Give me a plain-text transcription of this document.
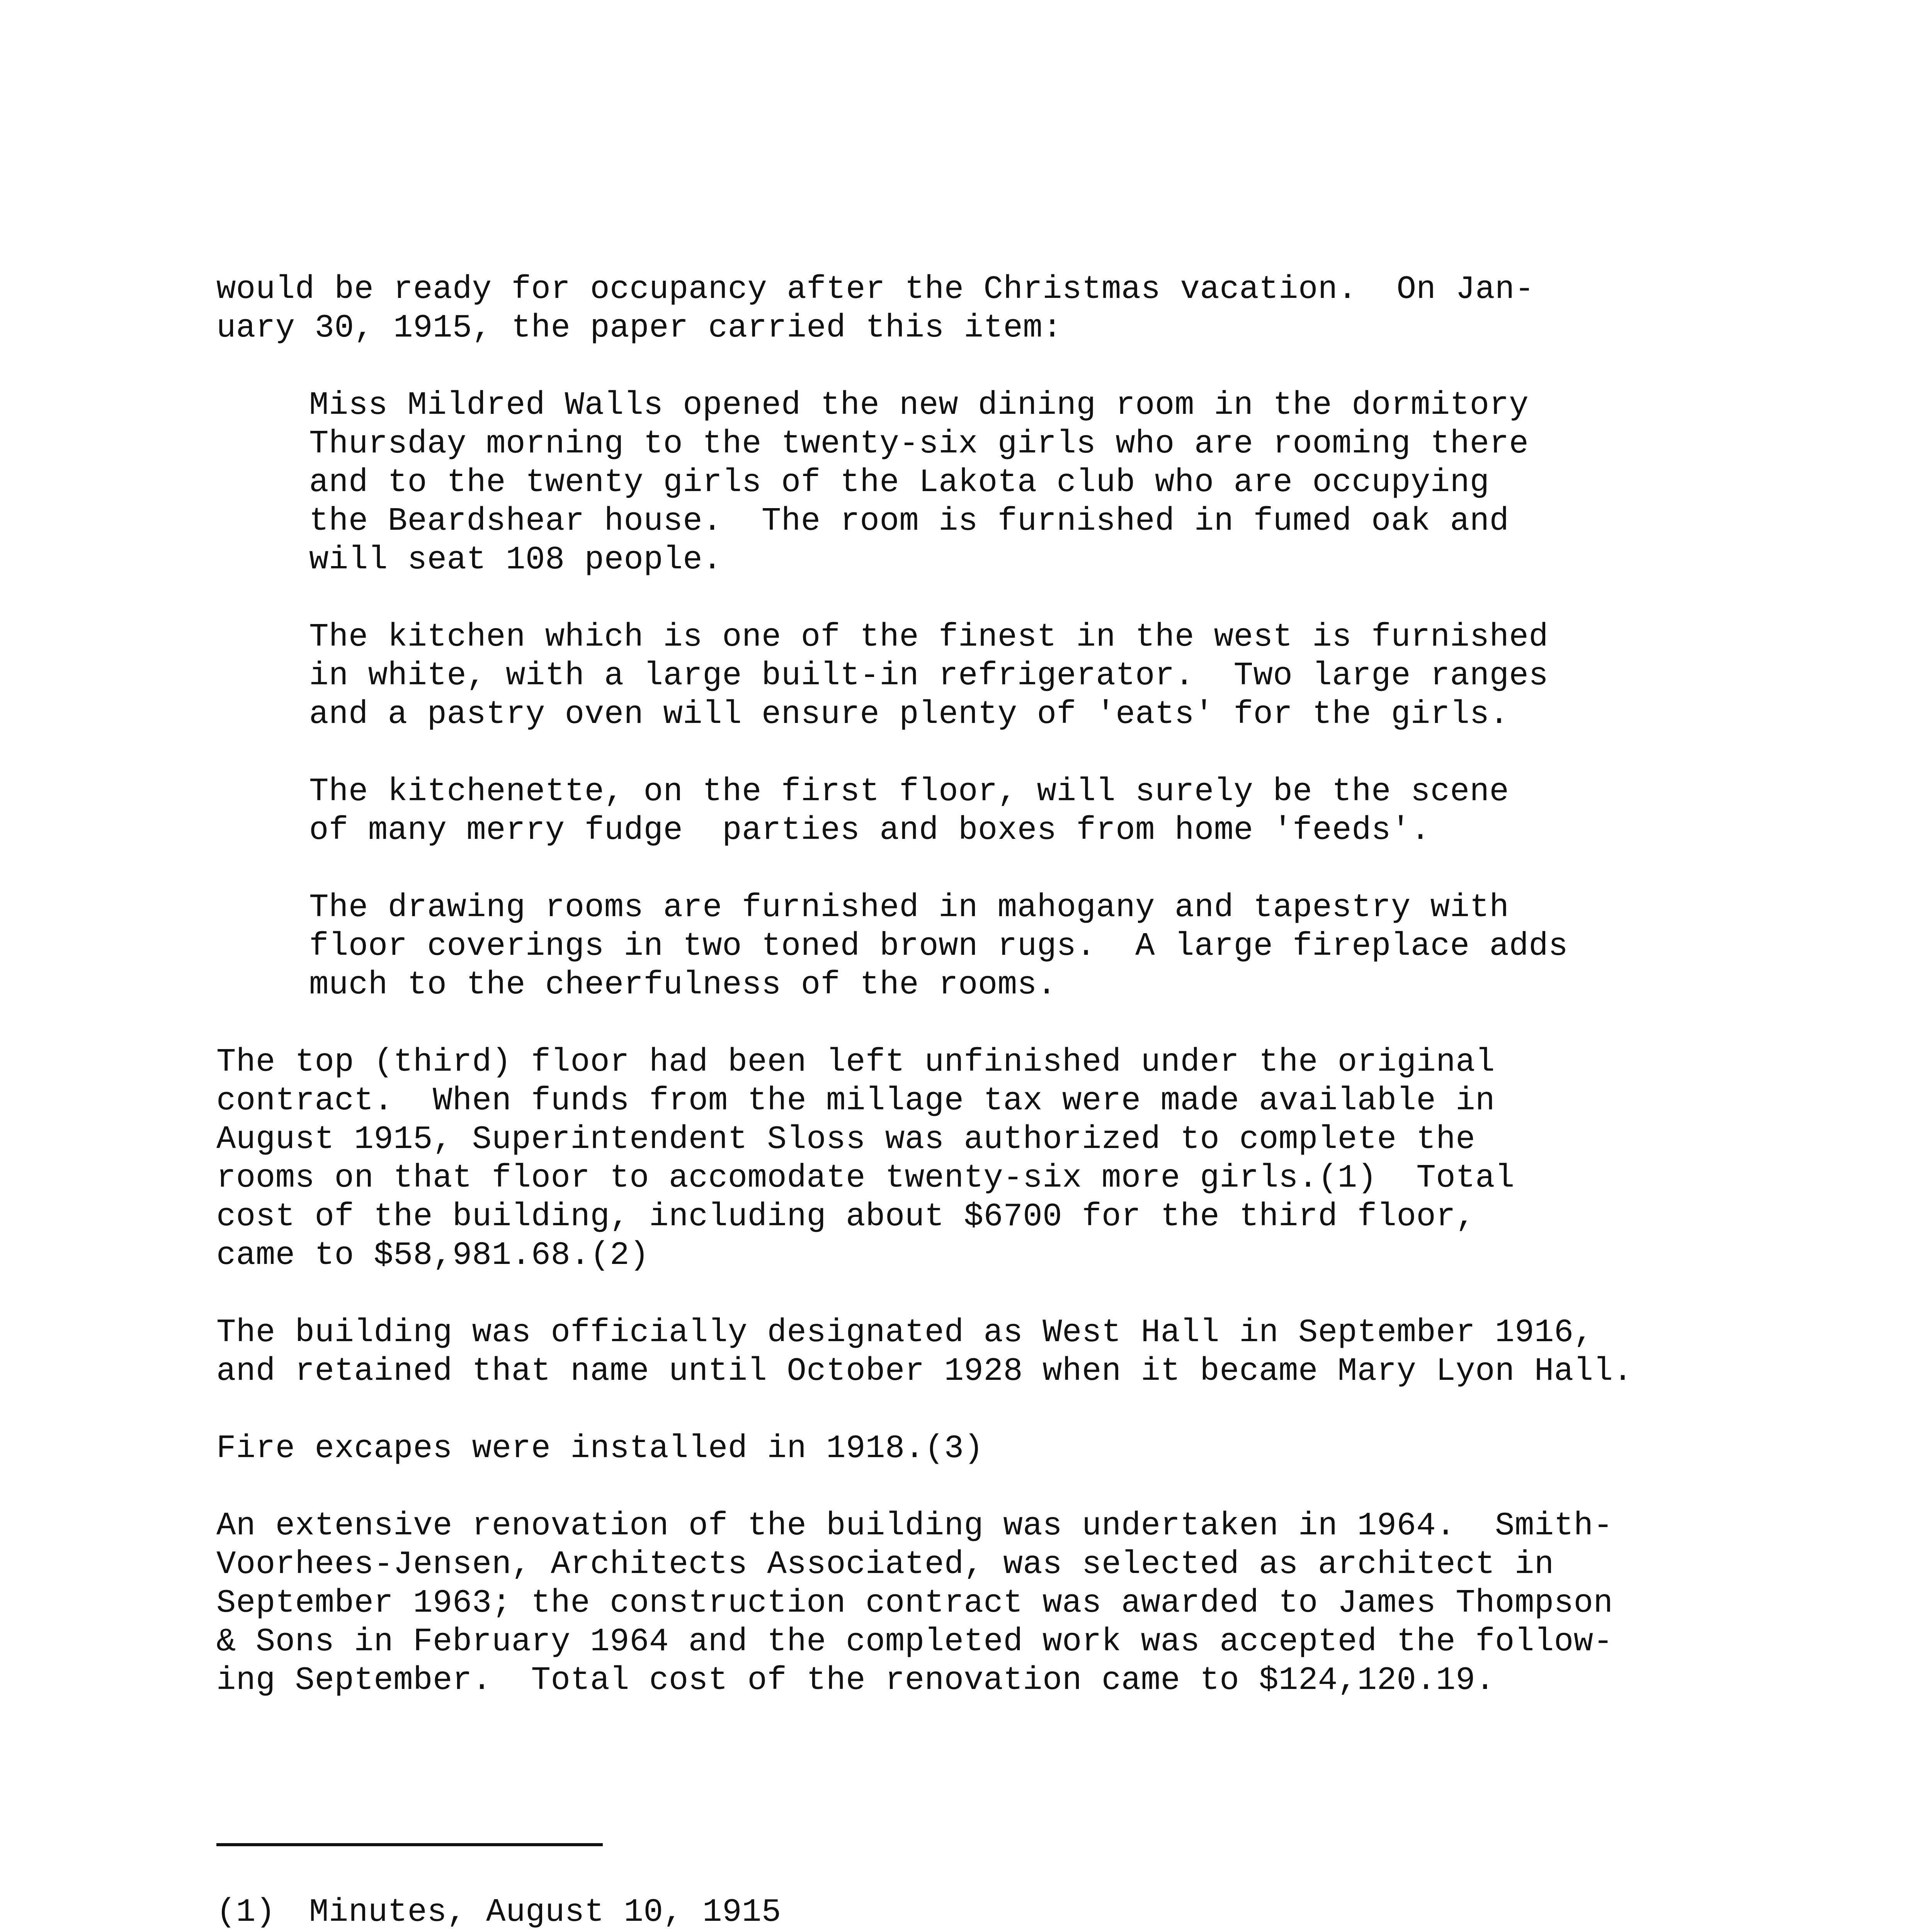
would be ready for occupancy after the Christmas vacation.  On Jan-
uary 30, 1915, the paper carried this item:
Miss Mildred Walls opened the new dining room in the dormitory
Thursday morning to the twenty-six girls who are rooming there
and to the twenty girls of the Lakota club who are occupying
the Beardshear house.  The room is furnished in fumed oak and
will seat 108 people.
The kitchen which is one of the finest in the west is furnished
in white, with a large built-in refrigerator.  Two large ranges
and a pastry oven will ensure plenty of 'eats' for the girls.
The kitchenette, on the first floor, will surely be the scene
of many merry fudge  parties and boxes from home 'feeds'.
The drawing rooms are furnished in mahogany and tapestry with
floor coverings in two toned brown rugs.  A large fireplace adds
much to the cheerfulness of the rooms.
The top (third) floor had been left unfinished under the original
contract.  When funds from the millage tax were made available in
August 1915, Superintendent Sloss was authorized to complete the
rooms on that floor to accomodate twenty-six more girls.(1)  Total
cost of the building, including about $6700 for the third floor,
came to $58,981.68.(2)
The building was officially designated as West Hall in September 1916,
and retained that name until October 1928 when it became Mary Lyon Hall.
Fire excapes were installed in 1918.(3)
An extensive renovation of the building was undertaken in 1964.  Smith-
Voorhees-Jensen, Architects Associated, was selected as architect in
September 1963; the construction contract was awarded to James Thompson
& Sons in February 1964 and the completed work was accepted the follow-
ing September.  Total cost of the renovation came to $124,120.19.
(1) Minutes, August 10, 1915
